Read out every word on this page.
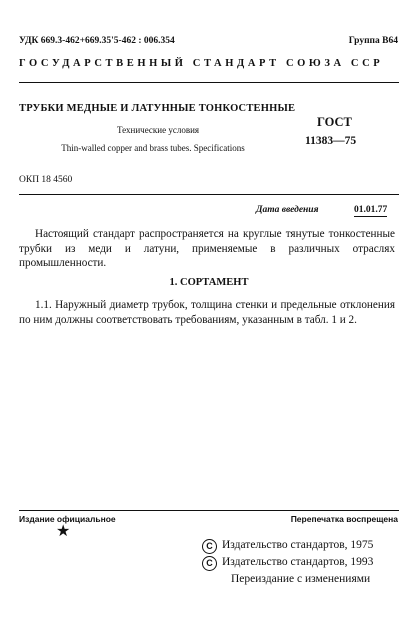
УДК 669.3-462+669.35'5-462 : 006.354	Группа В64
ГОСУДАРСТВЕННЫЙ СТАНДАРТ СОЮЗА ССР
ТРУБКИ МЕДНЫЕ И ЛАТУННЫЕ ТОНКОСТЕННЫЕ
Технические условия
Thin-walled copper and brass tubes. Specifications
ГОСТ
11383—75
ОКП 18 4560
Дата введения	01.01.77
Настоящий стандарт распространяется на круглые тянутые тонкостенные трубки из меди и латуни, применяемые в различных отраслях промышленности.
1. СОРТАМЕНТ
1.1. Наружный диаметр трубок, толщина стенки и предельные отклонения по ним должны соответствовать требованиям, указанным в табл. 1 и 2.
Издание официальное	Перепечатка воспрещена
★
С Издательство стандартов, 1975
С Издательство стандартов, 1993
Переиздание с изменениями
